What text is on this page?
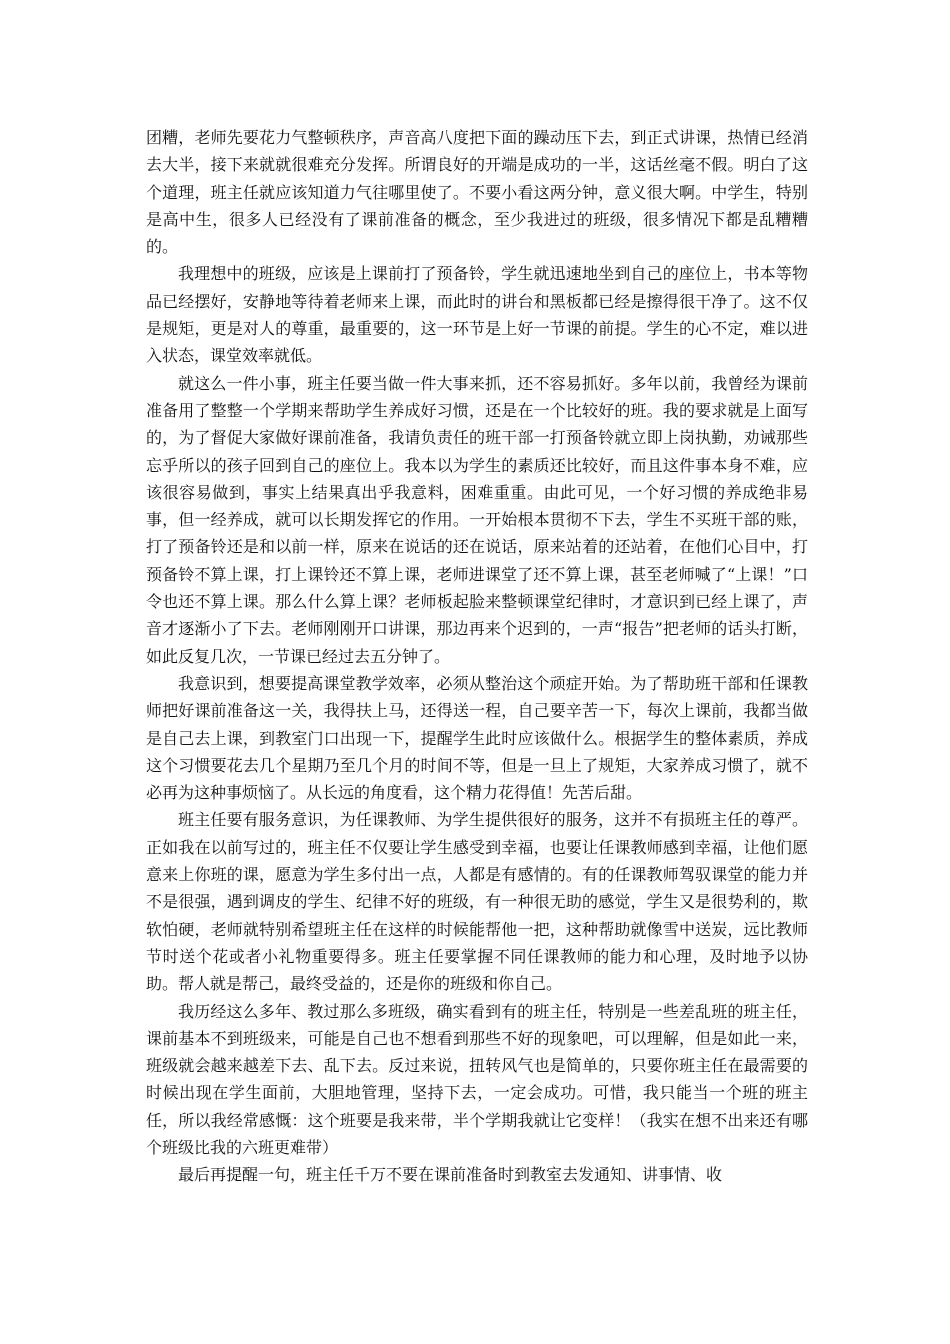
团糟，老师先要花力气整顿秩序，声音高八度把下面的躁动压下去，到正式讲课，热情已经消去大半，接下来就就很难充分发挥。所谓良好的开端是成功的一半，这话丝毫不假。明白了这个道理，班主任就应该知道力气往哪里使了。不要小看这两分钟，意义很大啊。中学生，特别是高中生，很多人已经没有了课前准备的概念，至少我进过的班级，很多情况下都是乱糟糟的。

我理想中的班级，应该是上课前打了预备铃，学生就迅速地坐到自己的座位上，书本等物品已经摆好，安静地等待着老师来上课，而此时的讲台和黑板都已经是擦得很干净了。这不仅是规矩，更是对人的尊重，最重要的，这一环节是上好一节课的前提。学生的心不定，难以进入状态，课堂效率就低。

就这么一件小事，班主任要当做一件大事来抓，还不容易抓好。多年以前，我曾经为课前准备用了整整一个学期来帮助学生养成好习惯，还是在一个比较好的班。我的要求就是上面写的，为了督促大家做好课前准备，我请负责任的班干部一打预备铃就立即上岗执勤，劝诫那些忘乎所以的孩子回到自己的座位上。我本以为学生的素质还比较好，而且这件事本身不难，应该很容易做到，事实上结果真出乎我意料，困难重重。由此可见，一个好习惯的养成绝非易事，但一经养成，就可以长期发挥它的作用。一开始根本贯彻不下去，学生不买班干部的账，打了预备铃还是和以前一样，原来在说话的还在说话，原来站着的还站着，在他们心目中，打预备铃不算上课，打上课铃还不算上课，老师进课堂了还不算上课，甚至老师喊了“上课！”口令也还不算上课。那么什么算上课？老师板起脸来整顿课堂纪律时，才意识到已经上课了，声音才逐渐小了下去。老师刚刚开口讲课，那边再来个迟到的，一声“报告”把老师的话头打断，如此反复几次，一节课已经过去五分钟了。

我意识到，想要提高课堂教学效率，必须从整治这个顽症开始。为了帮助班干部和任课教师把好课前准备这一关，我得扶上马，还得送一程，自己要辛苦一下，每次上课前，我都当做是自己去上课，到教室门口出现一下，提醒学生此时应该做什么。根据学生的整体素质，养成这个习惯要花去几个星期乃至几个月的时间不等，但是一旦上了规矩，大家养成习惯了，就不必再为这种事烦恼了。从长远的角度看，这个精力花得值！先苦后甜。

班主任要有服务意识，为任课教师、为学生提供很好的服务，这并不有损班主任的尊严。正如我在以前写过的，班主任不仅要让学生感受到幸福，也要让任课教师感到幸福，让他们愿意来上你班的课，愿意为学生多付出一点，人都是有感情的。有的任课教师驾驭课堂的能力并不是很强，遇到调皮的学生、纪律不好的班级，有一种很无助的感觉，学生又是很势利的，欺软怕硬，老师就特别希望班主任在这样的时候能帮他一把，这种帮助就像雪中送炭，远比教师节时送个花或者小礼物重要得多。班主任要掌握不同任课教师的能力和心理，及时地予以协助。帮人就是帮己，最终受益的，还是你的班级和你自己。

我历经这么多年、教过那么多班级，确实看到有的班主任，特别是一些差乱班的班主任，课前基本不到班级来，可能是自己也不想看到那些不好的现象吧，可以理解，但是如此一来，班级就会越来越差下去、乱下去。反过来说，扭转风气也是简单的，只要你班主任在最需要的时候出现在学生面前，大胆地管理，坚持下去，一定会成功。可惜，我只能当一个班的班主任，所以我经常感慨：这个班要是我来带，半个学期我就让它变样！（我实在想不出来还有哪个班级比我的六班更难带）

最后再提醒一句，班主任千万不要在课前准备时到教室去发通知、讲事情、收
